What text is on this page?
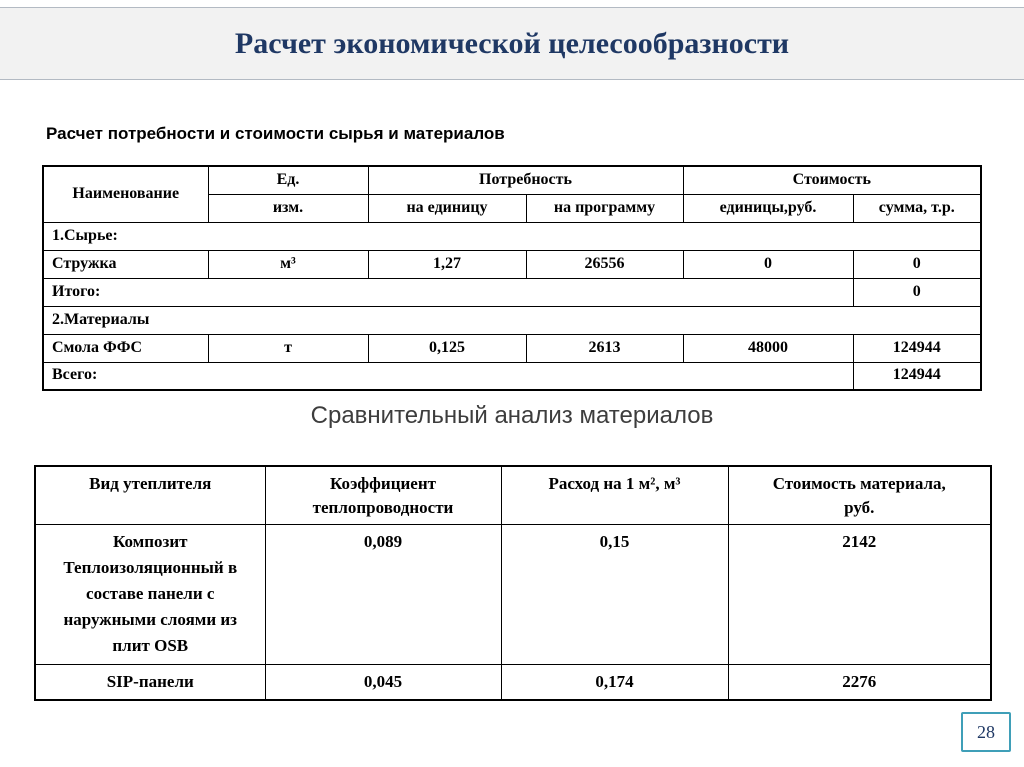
Расчет экономической целесообразности
Расчет потребности и стоимости сырья и материалов
Наименование	Ед.	Потребность		Стоимость	
	изм.	на единицу	на программу	единицы,руб.	сумма, т.р.
1.Сырье:					
Стружка	м³	1,27	26556	0	0
Итого:					0
2.Материалы					
Смола ФФС	т	0,125	2613	48000	124944
Всего:					124944
Сравнительный анализ материалов
Вид утеплителя	Коэффициент теплопроводности	Расход на 1 м², м³	Стоимость материала, руб.
Композит Теплоизоляционный в составе панели с наружными слоями из плит OSB	0,089	0,15	2142
SIP-панели	0,045	0,174	2276
28
